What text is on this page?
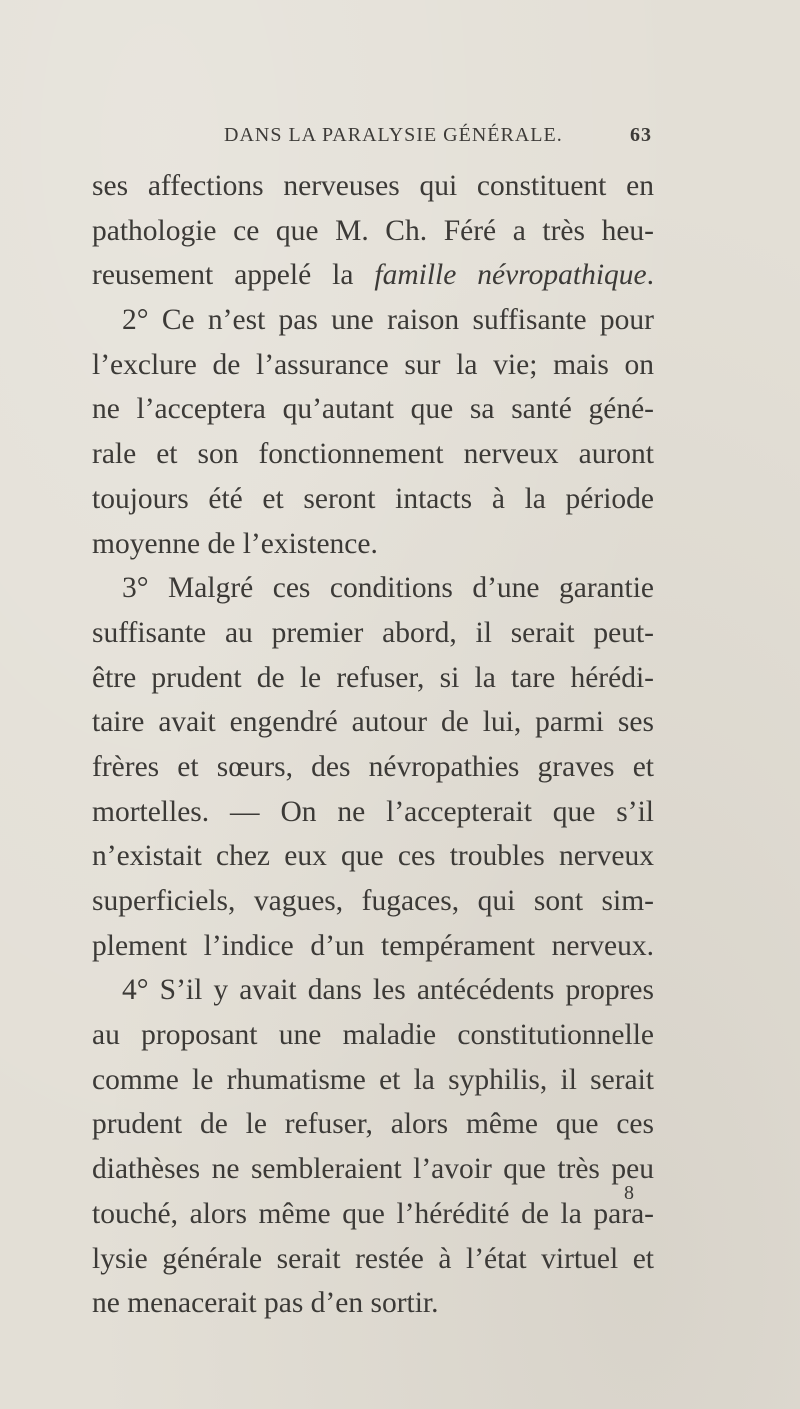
DANS LA PARALYSIE GÉNÉRALE.	63
ses affections nerveuses qui constituent en
pathologie ce que M. Ch. Féré a très heu-
reusement appelé la famille névropathique.
2° Ce n’est pas une raison suffisante pour
l’exclure de l’assurance sur la vie; mais on
ne l’acceptera qu’autant que sa santé géné-
rale et son fonctionnement nerveux auront
toujours été et seront intacts à la période
moyenne de l’existence.
3° Malgré ces conditions d’une garantie
suffisante au premier abord, il serait peut-
être prudent de le refuser, si la tare hérédi-
taire avait engendré autour de lui, parmi ses
frères et sœurs, des névropathies graves et
mortelles. — On ne l’accepterait que s’il
n’existait chez eux que ces troubles nerveux
superficiels, vagues, fugaces, qui sont sim-
plement l’indice d’un tempérament nerveux.
4° S’il y avait dans les antécédents propres
au proposant une maladie constitutionnelle
comme le rhumatisme et la syphilis, il serait
prudent de le refuser, alors même que ces
diathèses ne sembleraient l’avoir que très peu
touché, alors même que l’hérédité de la para-
lysie générale serait restée à l’état virtuel et
ne menacerait pas d’en sortir.
8
